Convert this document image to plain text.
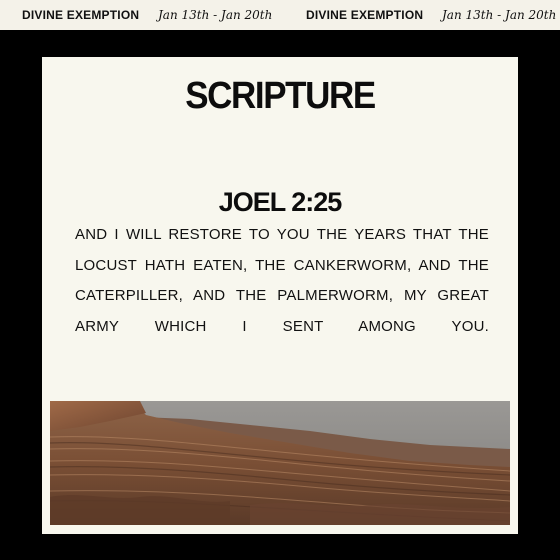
DIVINE EXEMPTION Jan 13th - Jan 20th	DIVINE EXEMPTION Jan 13th - Jan 20th
SCRIPTURE
JOEL 2:25
AND I WILL RESTORE TO YOU THE YEARS THAT THE LOCUST HATH EATEN, THE CANKERWORM, AND THE CATERPILLER, AND THE PALMERWORM, MY GREAT ARMY WHICH I SENT AMONG YOU.
